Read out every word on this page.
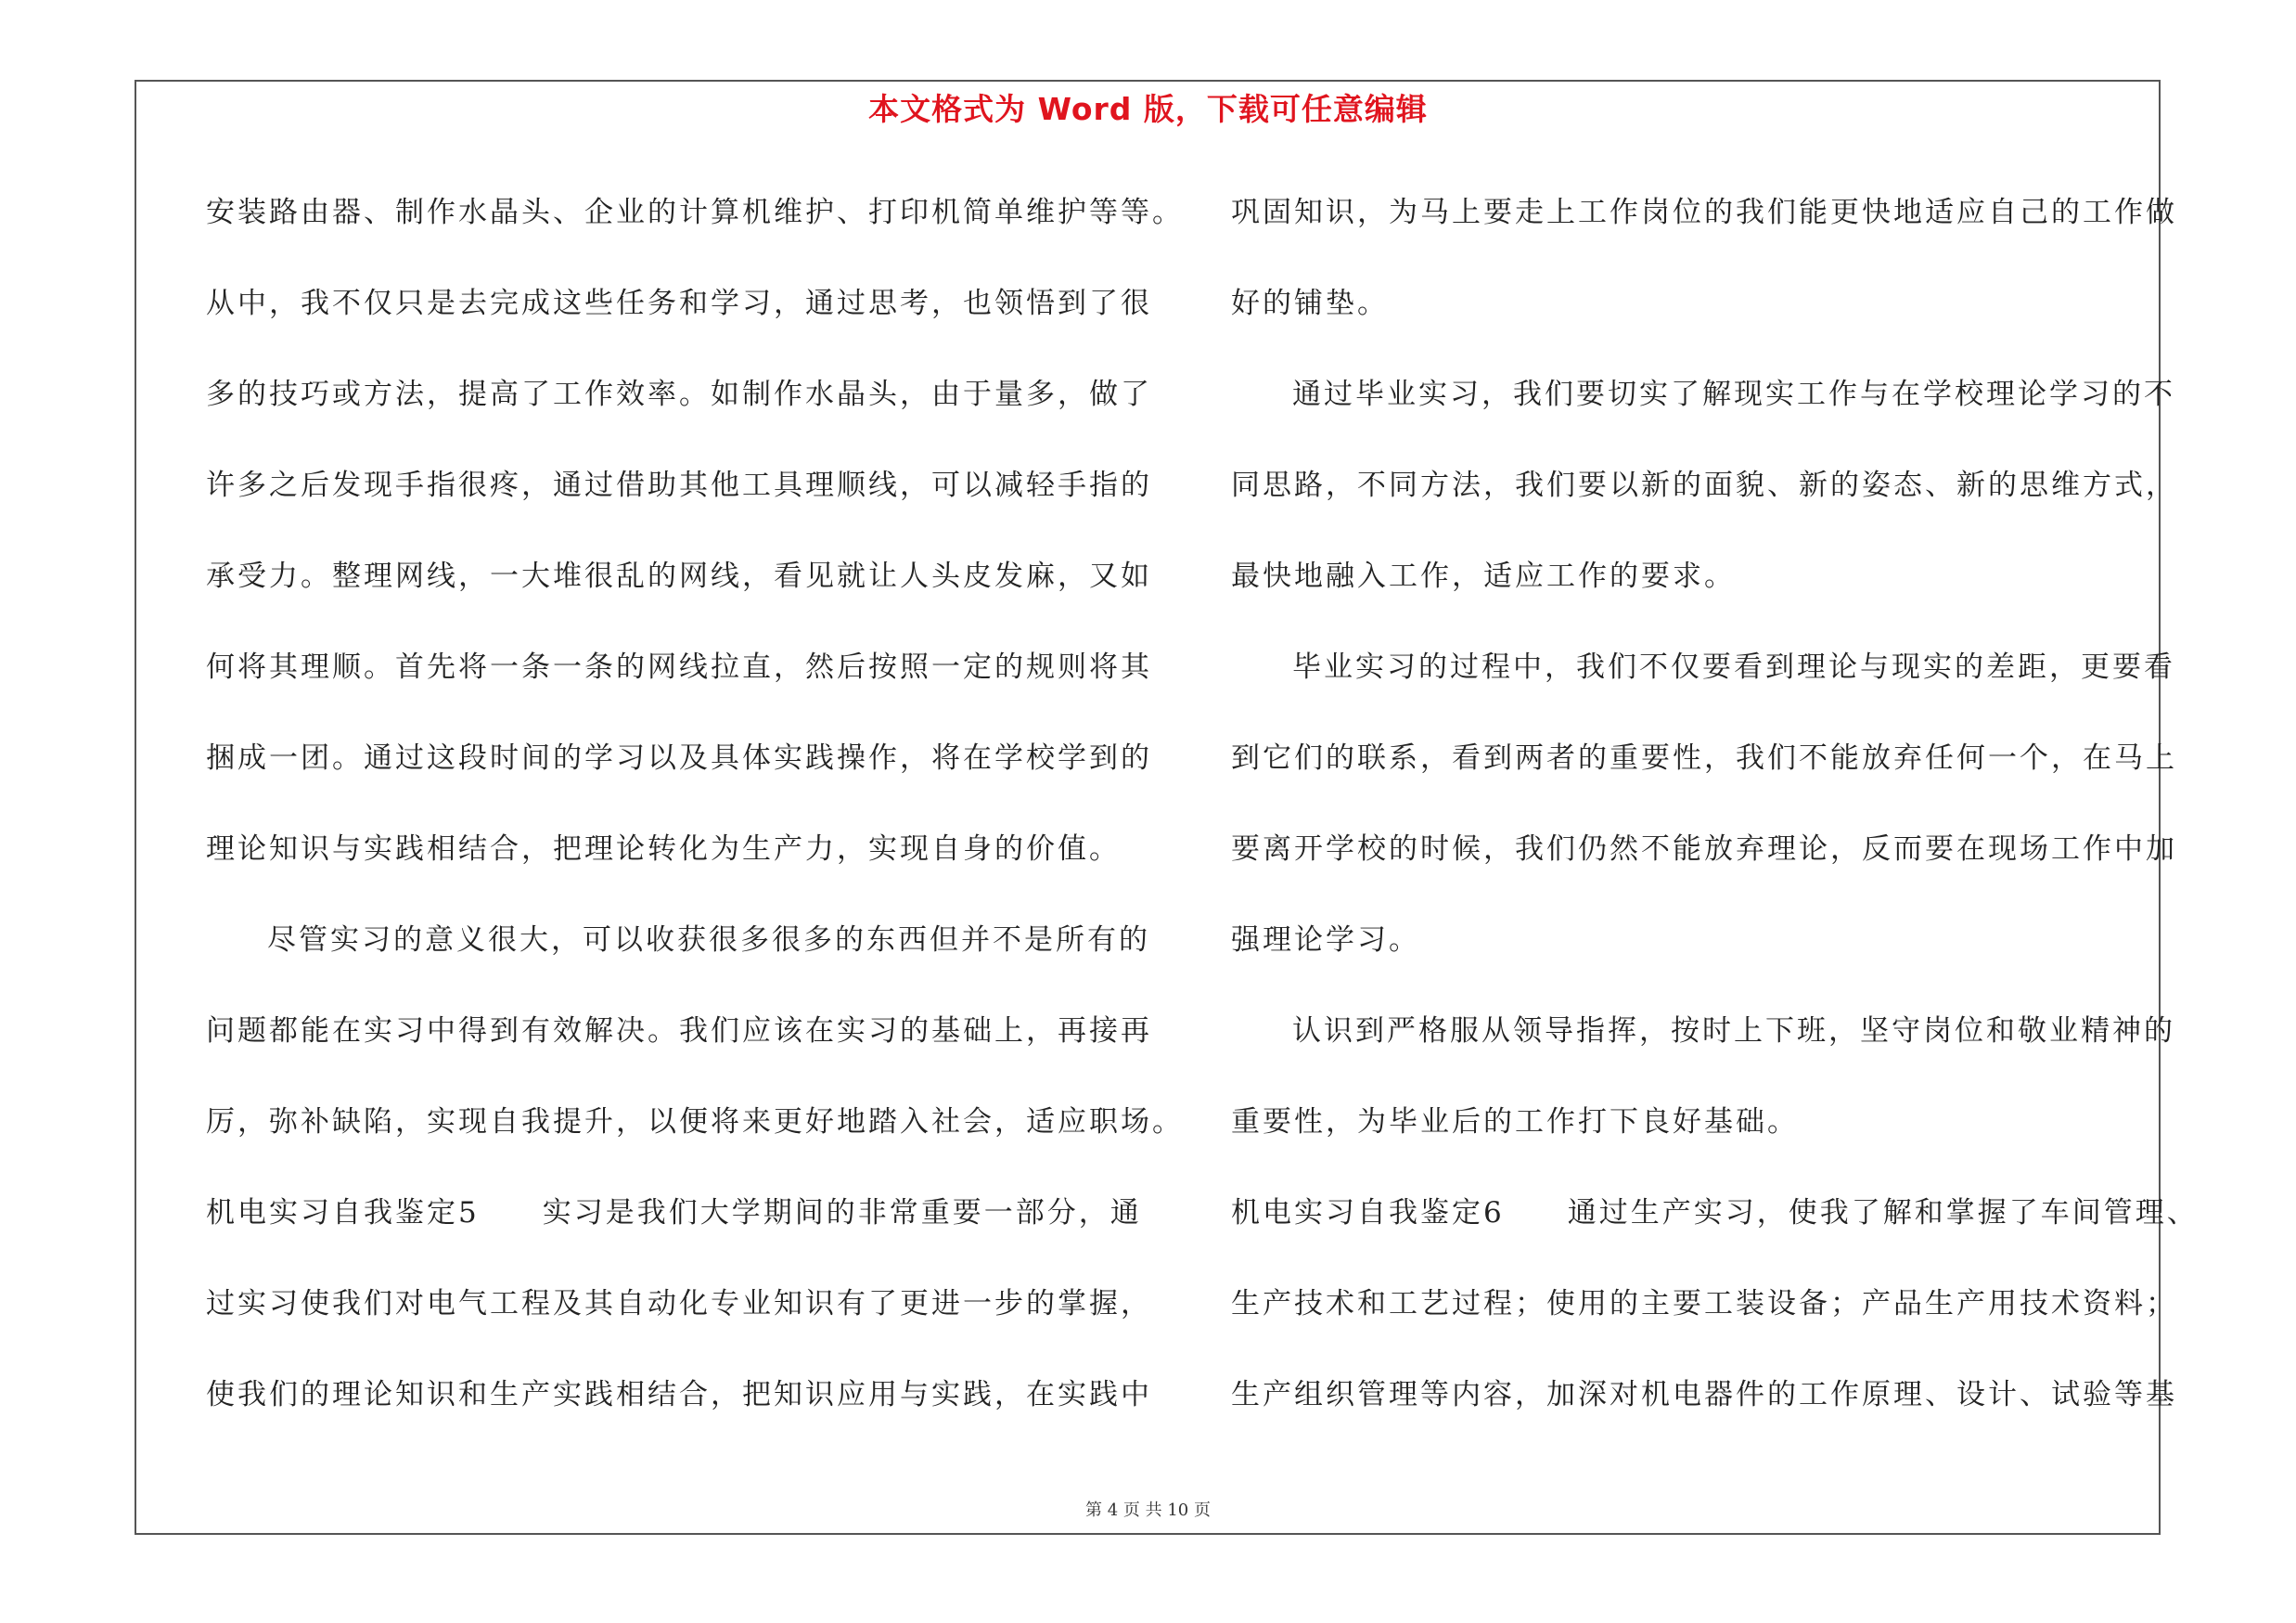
本文格式为 Word 版，下载可任意编辑
安装路由器、制作水晶头、企业的计算机维护、打印机简单维护等等。
从中，我不仅只是去完成这些任务和学习，通过思考，也领悟到了很
多的技巧或方法，提高了工作效率。如制作水晶头，由于量多，做了
许多之后发现手指很疼，通过借助其他工具理顺线，可以减轻手指的
承受力。整理网线，一大堆很乱的网线，看见就让人头皮发麻，又如
何将其理顺。首先将一条一条的网线拉直，然后按照一定的规则将其
捆成一团。通过这段时间的学习以及具体实践操作，将在学校学到的
理论知识与实践相结合，把理论转化为生产力，实现自身的价值。
尽管实习的意义很大，可以收获很多很多的东西但并不是所有的
问题都能在实习中得到有效解决。我们应该在实习的基础上，再接再
厉，弥补缺陷，实现自我提升，以便将来更好地踏入社会，适应职场。
机电实习自我鉴定5　　实习是我们大学期间的非常重要一部分，通
过实习使我们对电气工程及其自动化专业知识有了更进一步的掌握，
使我们的理论知识和生产实践相结合，把知识应用与实践，在实践中
巩固知识，为马上要走上工作岗位的我们能更快地适应自己的工作做
好的铺垫。
通过毕业实习，我们要切实了解现实工作与在学校理论学习的不
同思路，不同方法，我们要以新的面貌、新的姿态、新的思维方式，
最快地融入工作，适应工作的要求。
毕业实习的过程中，我们不仅要看到理论与现实的差距，更要看
到它们的联系，看到两者的重要性，我们不能放弃任何一个，在马上
要离开学校的时候，我们仍然不能放弃理论，反而要在现场工作中加
强理论学习。
认识到严格服从领导指挥，按时上下班，坚守岗位和敬业精神的
重要性，为毕业后的工作打下良好基础。
机电实习自我鉴定6　　通过生产实习，使我了解和掌握了车间管理、
生产技术和工艺过程；使用的主要工装设备；产品生产用技术资料；
生产组织管理等内容，加深对机电器件的工作原理、设计、试验等基
第 4 页 共 10 页
